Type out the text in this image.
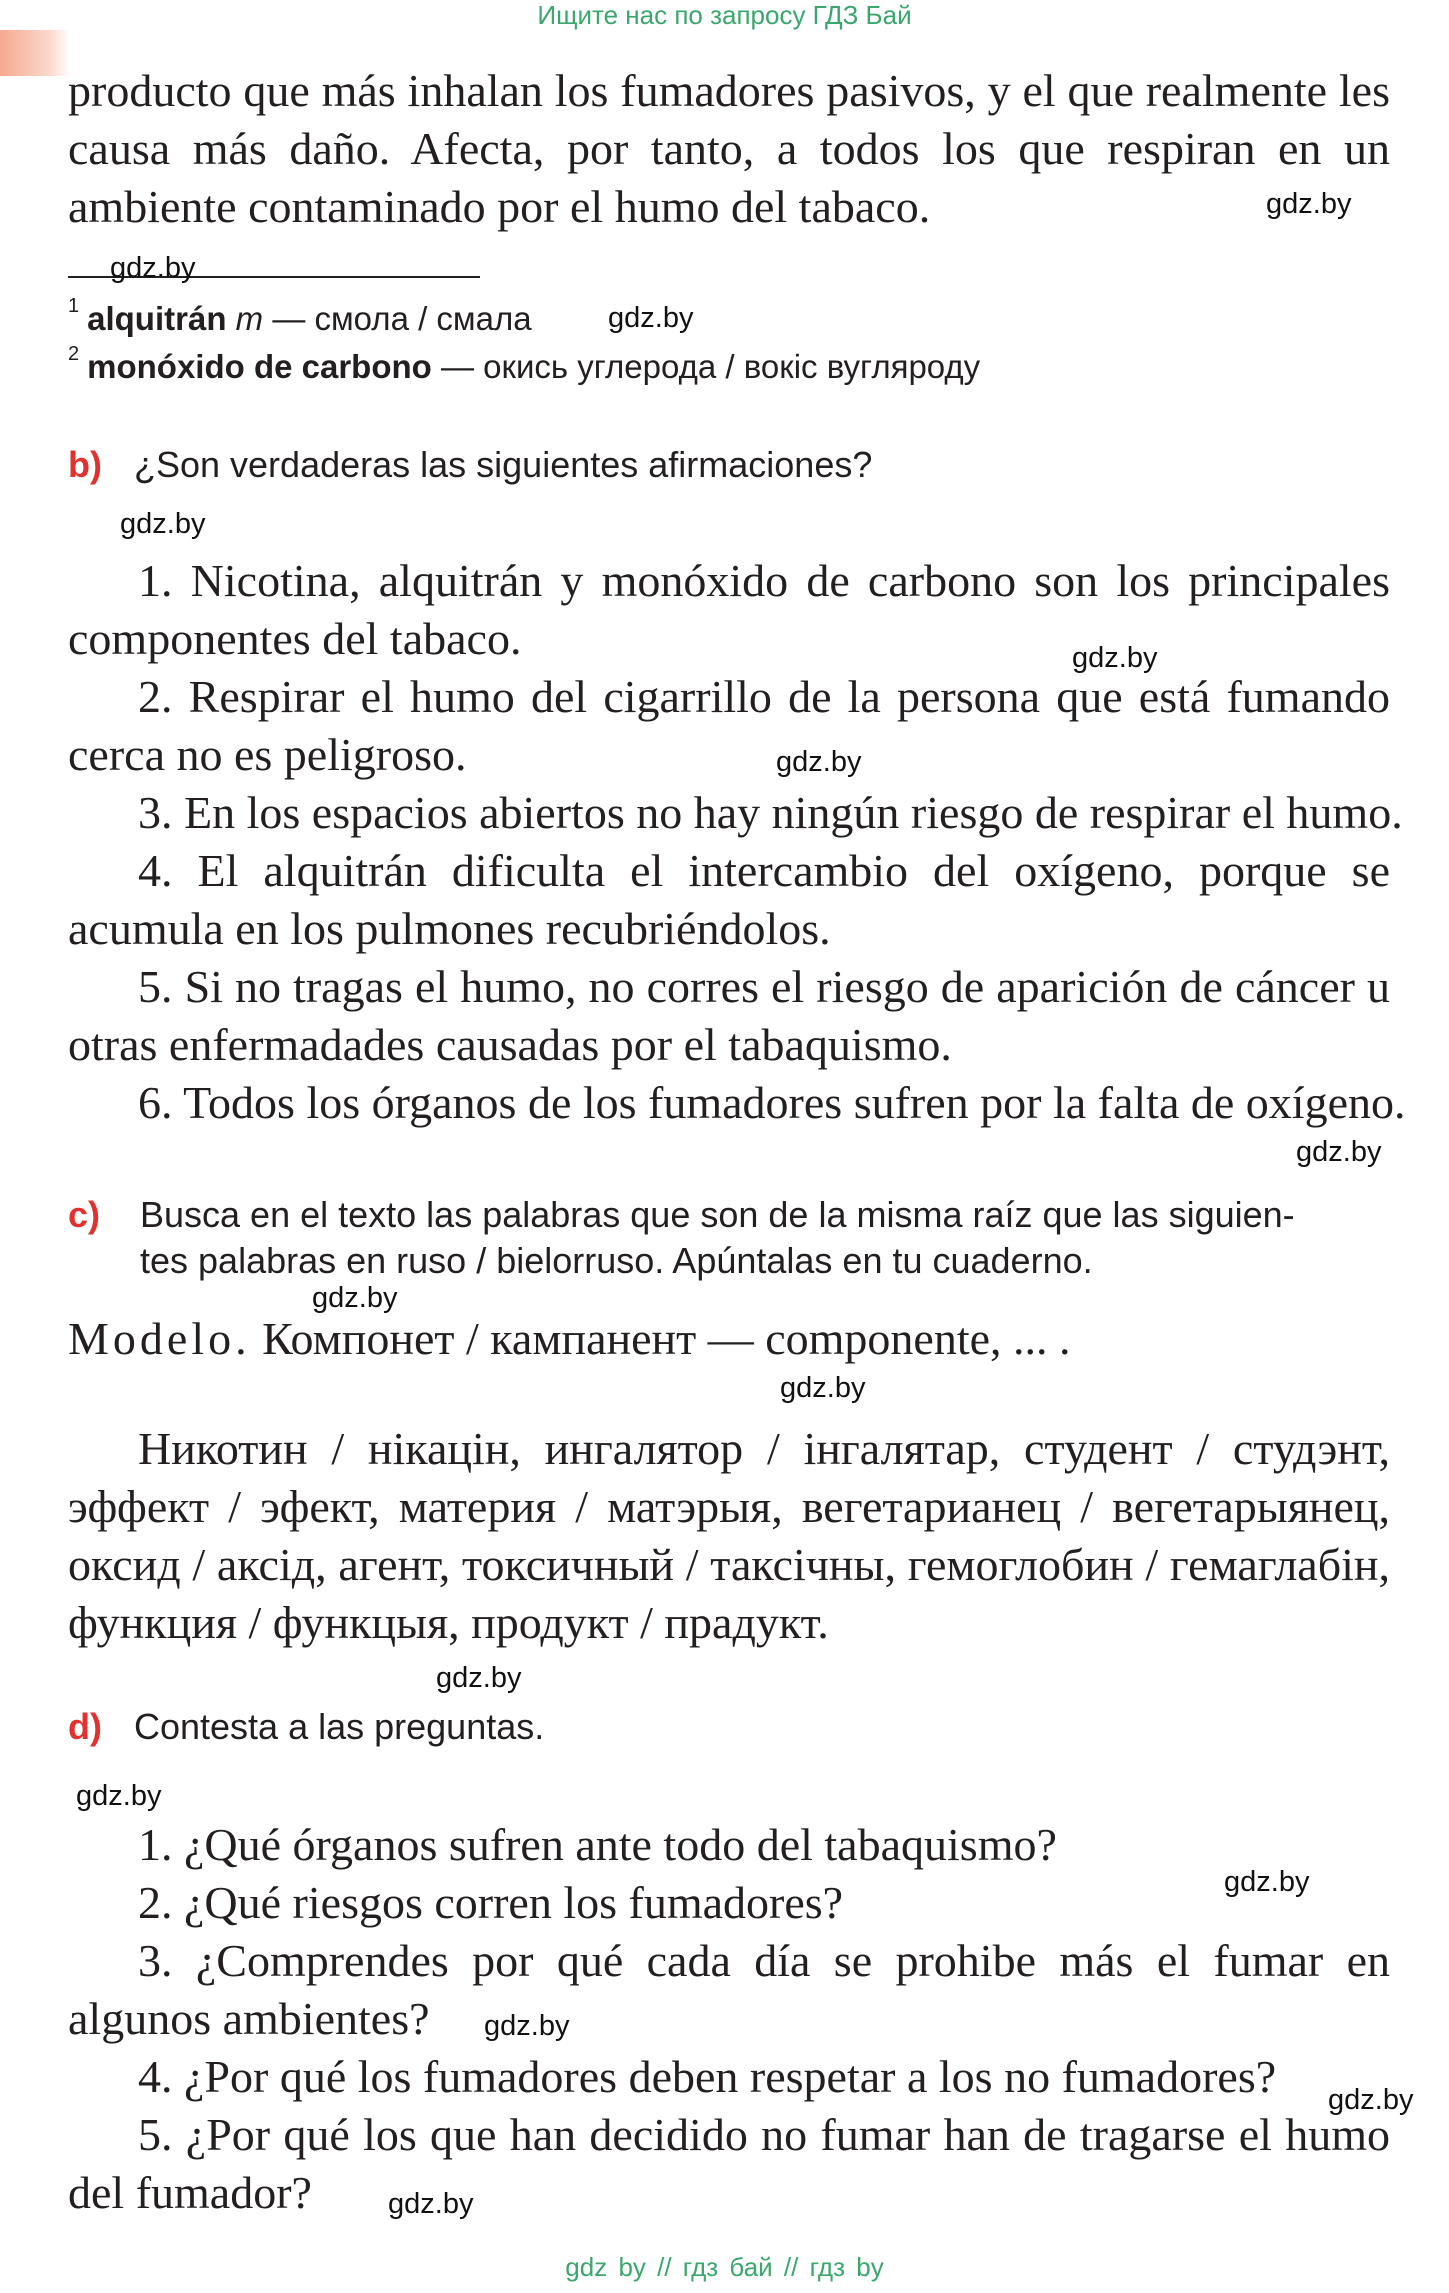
Ищите нас по запросу ГДЗ Бай
producto que más inhalan los fumadores pasivos, y el que realmente les causa más daño. Afecta, por tanto, a todos los que respiran en un ambiente contaminado por el humo del tabaco.
$^1$ alquitrán m — смола / смала
$^2$ monóxido de carbono — окись углерода / вокіс вугляроду
b) ¿Son verdaderas las siguientes afirmaciones?
1. Nicotina, alquitrán y monóxido de carbono son los principales componentes del tabaco.
2. Respirar el humo del cigarrillo de la persona que está fumando cerca no es peligroso.
3. En los espacios abiertos no hay ningún riesgo de respirar el humo.
4. El alquitrán dificulta el intercambio del oxígeno, porque se acumula en los pulmones recubriéndolos.
5. Si no tragas el humo, no corres el riesgo de aparición de cáncer u otras enfermadades causadas por el tabaquismo.
6. Todos los órganos de los fumadores sufren por la falta de oxígeno.
c) Busca en el texto las palabras que son de la misma raíz que las siguien-
tes palabras en ruso / bielorruso. Apúntalas en tu cuaderno.
Modelo. Компонет / кампанент — componente, ... .
Никотин / нікацін, ингалятор / інгалятар, студент / студэнт, эффект / эфект, материя / матэрыя, вегетарианец / вегетарыянец, оксид / аксід, агент, токсичный / таксічны, гемоглобин / гемаглабін, функция / функцыя, продукт / прадукт.
d) Contesta a las preguntas.
1. ¿Qué órganos sufren ante todo del tabaquismo?
2. ¿Qué riesgos corren los fumadores?
3. ¿Comprendes por qué cada día se prohibe más el fumar en algunos ambientes?
4. ¿Por qué los fumadores deben respetar a los no fumadores?
5. ¿Por qué los que han decidido no fumar han de tragarse el humo del fumador?
gdz.by
gdz.by
gdz.by
gdz.by
gdz.by
gdz.by
gdz.by
gdz.by
gdz.by
gdz.by
gdz.by
gdz.by
gdz.by
gdz.by
gdz.by
gdz by // гдз бай // гдз by
